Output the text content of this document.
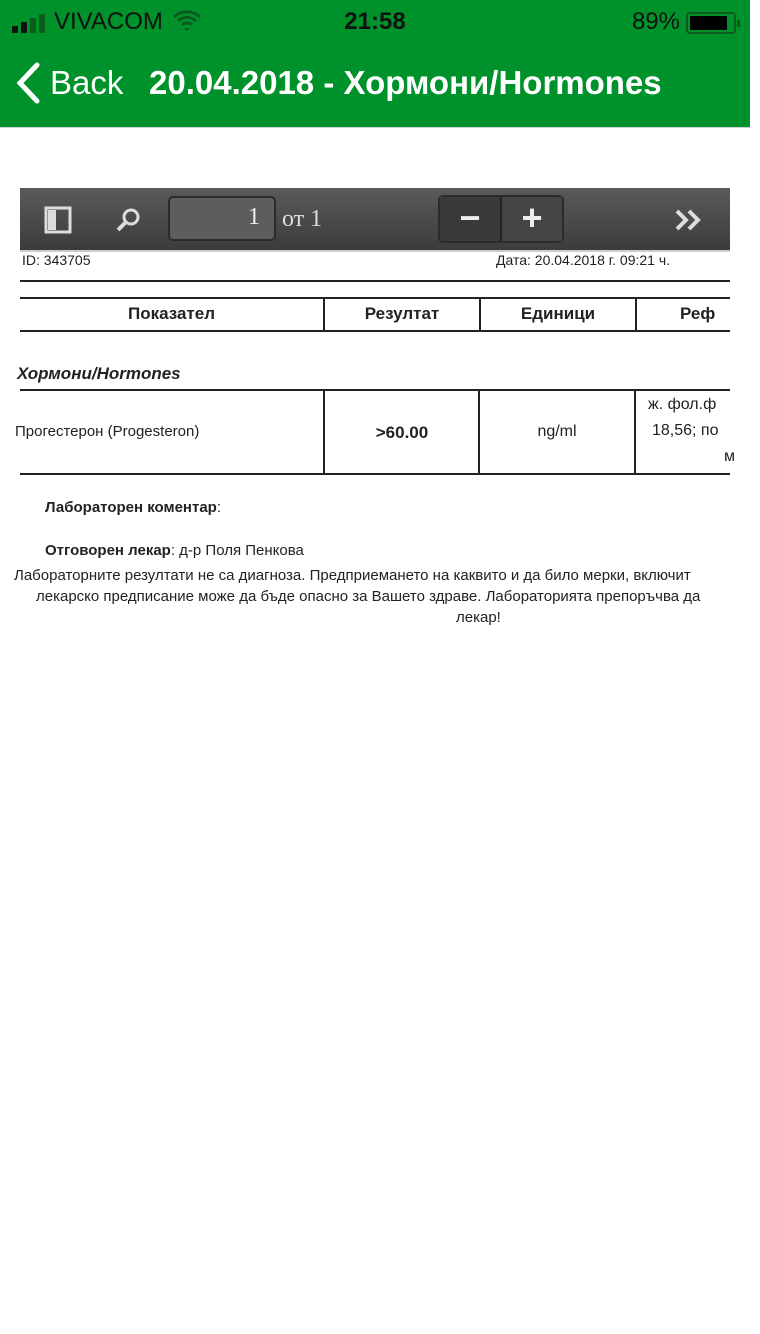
VIVACOM	21:58	89%
Back 20.04.2018 - Хормони/Hormones
1 от 1	−	+
ID: 343705	Дата: 20.04.2018 г. 09:21 ч.
Показател	Резултат	Единици	Реф
Хормони/Hormones
Прогестерон (Progesteron)	>60.00	ng/ml
ж. фол.ф
18,56; по
м
Лабораторен коментар:
Отговорен лекар: д-р Поля Пенкова
Лабораторните резултати не са диагноза. Предприемането на каквито и да било мерки, включит
лекарско предписание може да бъде опасно за Вашето здраве. Лабораторията препоръчва да
лекар!
